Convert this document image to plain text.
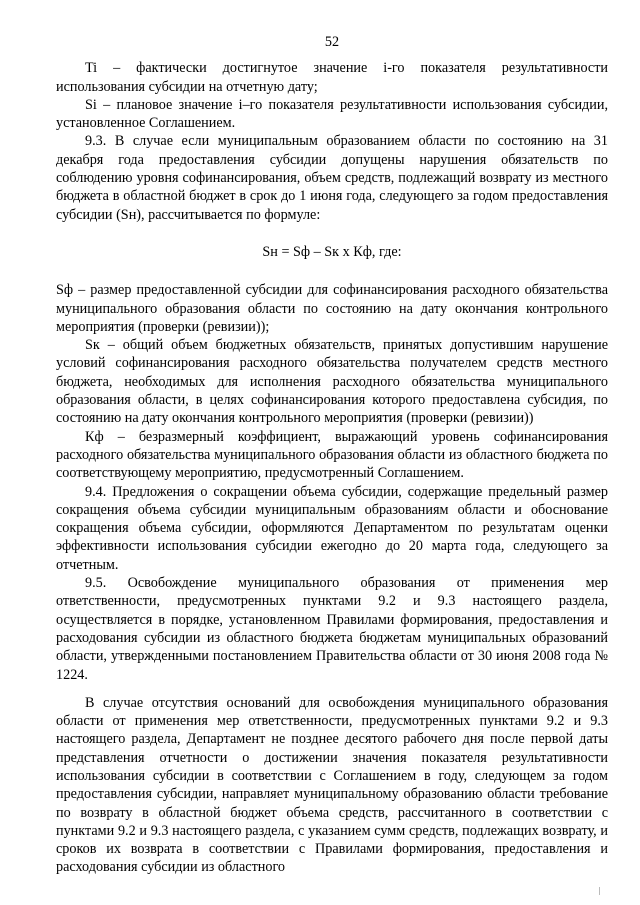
52

Ti – фактически достигнутое значение i-го показателя результативности использования субсидии на отчетную дату;

Si – плановое значение i–го показателя результативности использования субсидии, установленное Соглашением.

9.3. В случае если муниципальным образованием области по состоянию на 31 декабря года предоставления субсидии допущены нарушения обязательств по соблюдению уровня софинансирования, объем средств, подлежащий возврату из местного бюджета в областной бюджет в срок до 1 июня года, следующего за годом предоставления субсидии (Sн), рассчитывается по формуле:

Sн = Sф – Sк х Кф, где:

Sф – размер предоставленной субсидии для софинансирования расходного обязательства муниципального образования области по состоянию на дату окончания контрольного мероприятия (проверки (ревизии));

Sк – общий объем бюджетных обязательств, принятых допустившим нарушение условий софинансирования расходного обязательства получателем средств местного бюджета, необходимых для исполнения расходного обязательства муниципального образования области, в целях софинансирования которого предоставлена субсидия, по состоянию на дату окончания контрольного мероприятия (проверки (ревизии))

Кф – безразмерный коэффициент, выражающий уровень софинансирования расходного обязательства муниципального образования области из областного бюджета по соответствующему мероприятию, предусмотренный Соглашением.

9.4. Предложения о сокращении объема субсидии, содержащие предельный размер сокращения объема субсидии муниципальным образованиям области и обоснование сокращения объема субсидии, оформляются Департаментом по результатам оценки эффективности использования субсидии ежегодно до 20 марта года, следующего за отчетным.

9.5. Освобождение муниципального образования от применения мер ответственности, предусмотренных пунктами 9.2 и 9.3 настоящего раздела, осуществляется в порядке, установленном Правилами формирования, предоставления и расходования субсидии из областного бюджета бюджетам муниципальных образований области, утвержденными постановлением Правительства области от 30 июня 2008 года № 1224.

В случае отсутствия оснований для освобождения муниципального образования области от применения мер ответственности, предусмотренных пунктами 9.2 и 9.3 настоящего раздела, Департамент не позднее десятого рабочего дня после первой даты представления отчетности о достижении значения показателя результативности использования субсидии в соответствии с Соглашением в году, следующем за годом предоставления субсидии, направляет муниципальному образованию области требование по возврату в областной бюджет объема средств, рассчитанного в соответствии с пунктами 9.2 и 9.3 настоящего раздела, с указанием сумм средств, подлежащих возврату, и сроков их возврата в соответствии с Правилами формирования, предоставления и расходования субсидии из областного
